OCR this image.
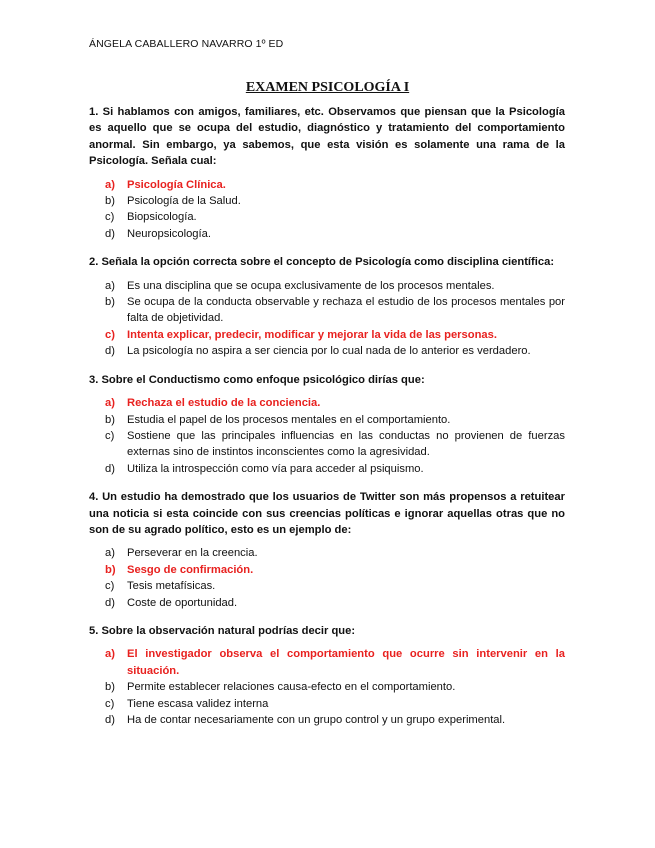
ÁNGELA CABALLERO NAVARRO 1º ED
EXAMEN PSICOLOGÍA I

1. Si hablamos con amigos, familiares, etc. Observamos que piensan que la Psicología es aquello que se ocupa del estudio, diagnóstico y tratamiento del comportamiento anormal. Sin embargo, ya sabemos, que esta visión es solamente una rama de la Psicología. Señala cual:

a)	Psicología Clínica.
b)	Psicología de la Salud.
c)	Biopsicología.
d)	Neuropsicología.

2. Señala la opción correcta sobre el concepto de Psicología como disciplina científica:

a)	Es una disciplina que se ocupa exclusivamente de los procesos mentales.
b)	Se ocupa de la conducta observable y rechaza el estudio de los procesos mentales por falta de objetividad.
c)	Intenta explicar, predecir, modificar y mejorar la vida de las personas.
d)	La psicología no aspira a ser ciencia por lo cual nada de lo anterior es verdadero.

3. Sobre el Conductismo como enfoque psicológico dirías que:

a)	Rechaza el estudio de la conciencia.
b)	Estudia el papel de los procesos mentales en el comportamiento.
c)	Sostiene que las principales influencias en las conductas no provienen de fuerzas externas sino de instintos inconscientes como la agresividad.
d)	Utiliza la introspección como vía para acceder al psiquismo.

4. Un estudio ha demostrado que los usuarios de Twitter son más propensos a retuitear una noticia si esta coincide con sus creencias políticas e ignorar aquellas otras que no son de su agrado político, esto es un ejemplo de:

a)	Perseverar en la creencia.
b)	Sesgo de confirmación.
c)	Tesis metafísicas.
d)	Coste de oportunidad.

5. Sobre la observación natural podrías decir que:

a)	El investigador observa el comportamiento que ocurre sin intervenir en la situación.
b)	Permite establecer relaciones causa-efecto en el comportamiento.
c)	Tiene escasa validez interna
d)	Ha de contar necesariamente con un grupo control y un grupo experimental.
